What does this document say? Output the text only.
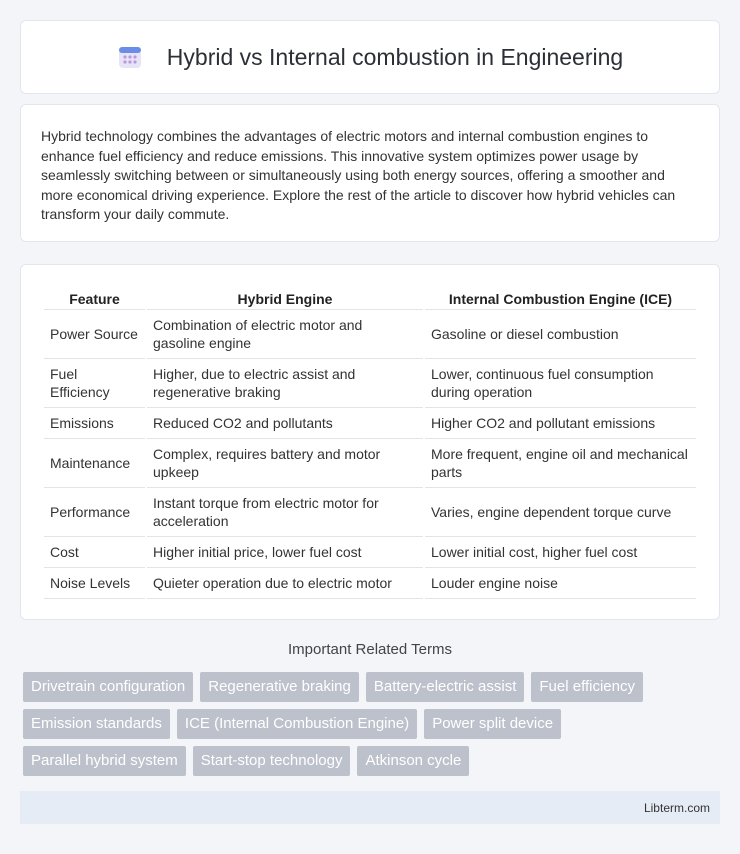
Hybrid vs Internal combustion in Engineering

Hybrid technology combines the advantages of electric motors and internal combustion engines to enhance fuel efficiency and reduce emissions. This innovative system optimizes power usage by seamlessly switching between or simultaneously using both energy sources, offering a smoother and more economical driving experience. Explore the rest of the article to discover how hybrid vehicles can transform your daily commute.

Feature	Hybrid Engine	Internal Combustion Engine (ICE)
Power Source	Combination of electric motor and gasoline engine	Gasoline or diesel combustion
Fuel Efficiency	Higher, due to electric assist and regenerative braking	Lower, continuous fuel consumption during operation
Emissions	Reduced CO2 and pollutants	Higher CO2 and pollutant emissions
Maintenance	Complex, requires battery and motor upkeep	More frequent, engine oil and mechanical parts
Performance	Instant torque from electric motor for acceleration	Varies, engine dependent torque curve
Cost	Higher initial price, lower fuel cost	Lower initial cost, higher fuel cost
Noise Levels	Quieter operation due to electric motor	Louder engine noise
Important Related Terms
Drivetrain configuration	Regenerative braking	Battery-electric assist	Fuel efficiency
Emission standards	ICE (Internal Combustion Engine)	Power split device
Parallel hybrid system	Start-stop technology	Atkinson cycle
Libterm.com
